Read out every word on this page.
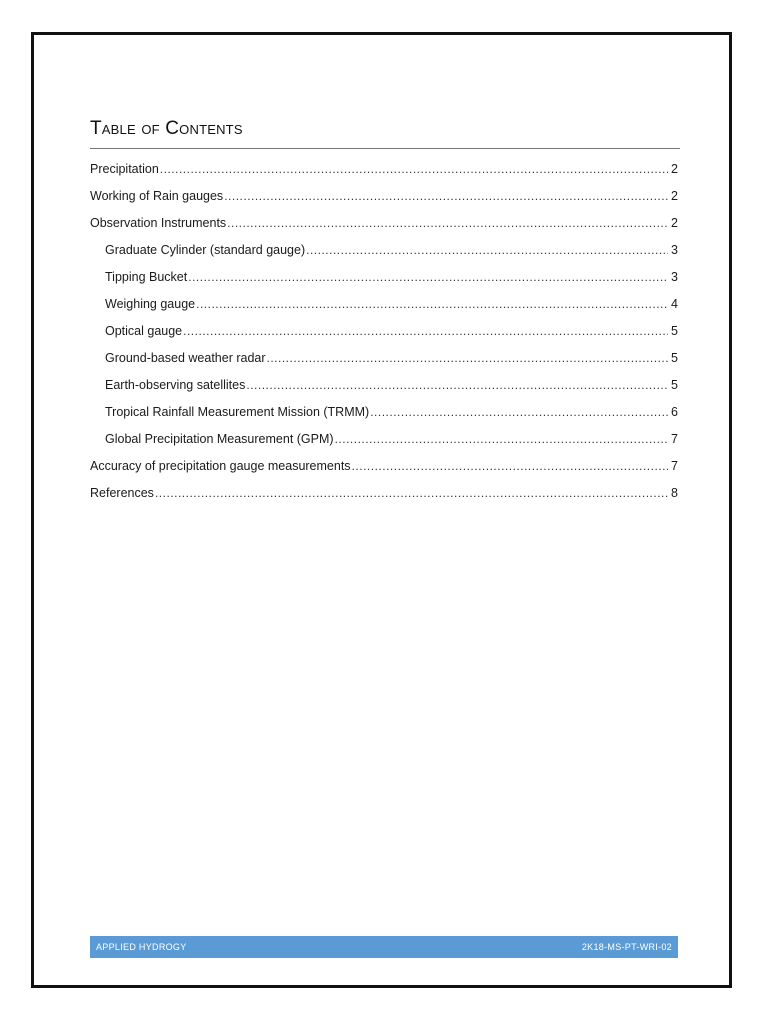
Table of Contents
Precipitation .....	2
Working of Rain gauges .....	2
Observation Instruments .....	2
Graduate Cylinder (standard gauge) .....	3
Tipping Bucket .....	3
Weighing gauge .....	4
Optical gauge .....	5
Ground-based weather radar .....	5
Earth-observing satellites .....	5
Tropical Rainfall Measurement Mission (TRMM) .....	6
Global Precipitation Measurement (GPM) .....	7
Accuracy of precipitation gauge measurements .....	7
References .....	8
APPLIED HYDROGY	2K18-MS-PT-WRI-02
